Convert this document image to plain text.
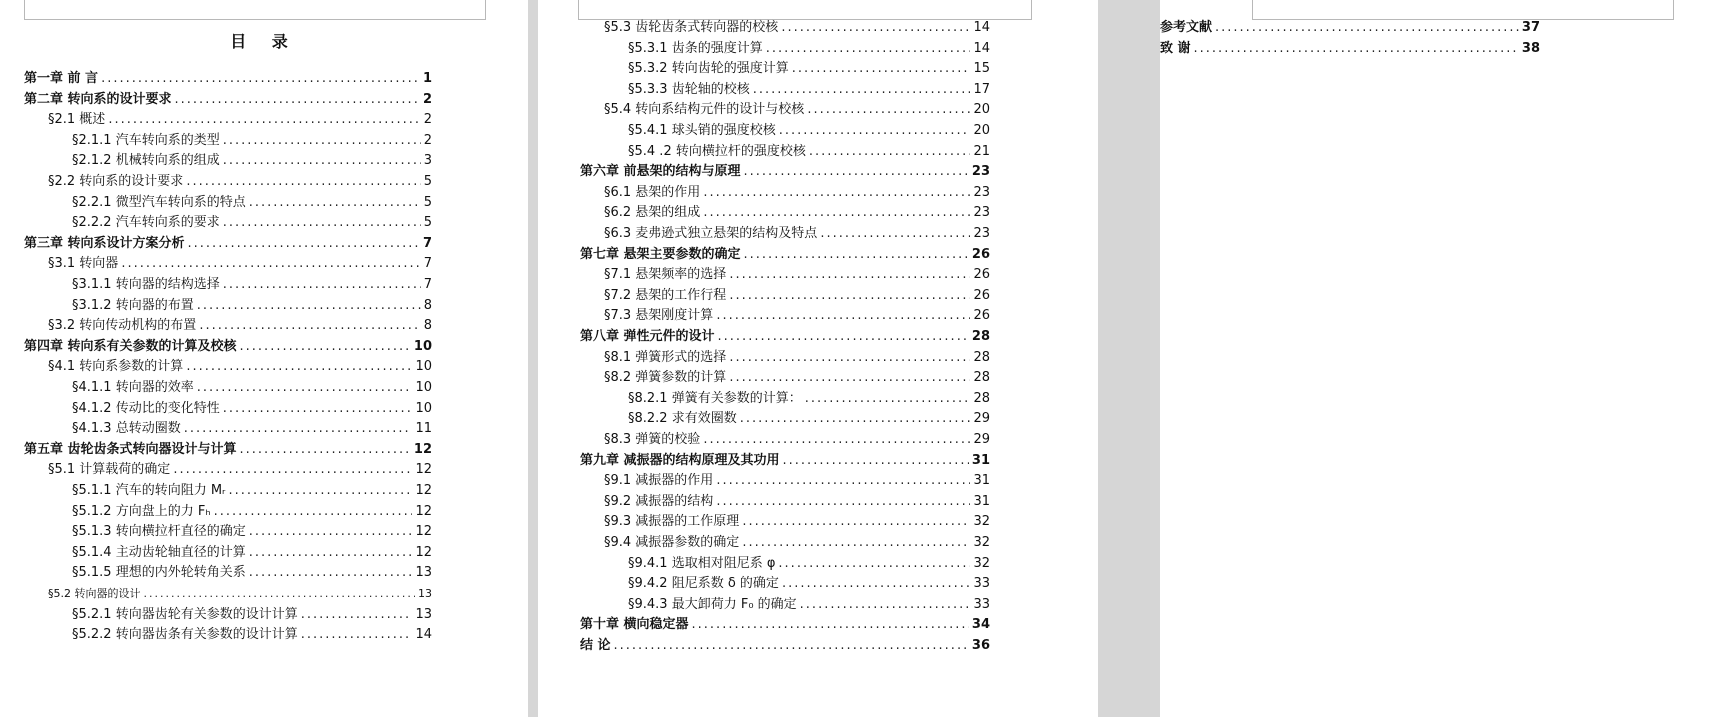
目 录
第一章 前 言 .....	1
第二章 转向系的设计要求 .....	2
§2.1 概述 .....	2
§2.1.1 汽车转向系的类型 .....	2
§2.1.2 机械转向系的组成 .....	3
§2.2 转向系的设计要求 .....	5
§2.2.1 微型汽车转向系的特点 .....	5
§2.2.2 汽车转向系的要求 .....	5
第三章 转向系设计方案分析 .....	7
§3.1 转向器 .....	7
§3.1.1 转向器的结构选择 .....	7
§3.1.2 转向器的布置 .....	8
§3.2 转向传动机构的布置 .....	8
第四章 转向系有关参数的计算及校核 .....	10
§4.1 转向系参数的计算 .....	10
§4.1.1 转向器的效率 .....	10
§4.1.2 传动比的变化特性 .....	10
§4.1.3 总转动圈数 .....	11
第五章 齿轮齿条式转向器设计与计算 .....	12
§5.1 计算载荷的确定 .....	12
§5.1.1 汽车的转向阻力 Mᵣ .....	12
§5.1.2 方向盘上的力 Fₕ .....	12
§5.1.3 转向横拉杆直径的确定 .....	12
§5.1.4 主动齿轮轴直径的计算 .....	12
§5.1.5 理想的内外轮转角关系 .....	13
§5.2 转向器的设计 .....	13
§5.2.1 转向器齿轮有关参数的设计计算 .....	13
§5.2.2 转向器齿条有关参数的设计计算 .....	14
§5.3 齿轮齿条式转向器的校核 .....	14
§5.3.1 齿条的强度计算 .....	14
§5.3.2 转向齿轮的强度计算 .....	15
§5.3.3 齿轮轴的校核 .....	17
§5.4 转向系结构元件的设计与校核 .....	20
§5.4.1 球头销的强度校核 .....	20
§5.4 .2 转向横拉杆的强度校核 .....	21
第六章 前悬架的结构与原理 .....	23
§6.1 悬架的作用 .....	23
§6.2 悬架的组成 .....	23
§6.3 麦弗逊式独立悬架的结构及特点 .....	23
第七章 悬架主要参数的确定 .....	26
§7.1 悬架频率的选择 .....	26
§7.2 悬架的工作行程 .....	26
§7.3 悬架刚度计算 .....	26
第八章 弹性元件的设计 .....	28
§8.1 弹簧形式的选择 .....	28
§8.2 弹簧参数的计算 .....	28
§8.2.1 弹簧有关参数的计算： .....	28
§8.2.2 求有效圈数 .....	29
§8.3 弹簧的校验 .....	29
第九章 减振器的结构原理及其功用 .....	31
§9.1 减振器的作用 .....	31
§9.2 减振器的结构 .....	31
§9.3 减振器的工作原理 .....	32
§9.4 减振器参数的确定 .....	32
§9.4.1 选取相对阻尼系 φ .....	32
§9.4.2 阻尼系数 δ 的确定 .....	33
§9.4.3 最大卸荷力 F₀ 的确定 .....	33
第十章 横向稳定器 .....	34
结 论 .....	36
参考文献 .....	37
致 谢 .....	38
